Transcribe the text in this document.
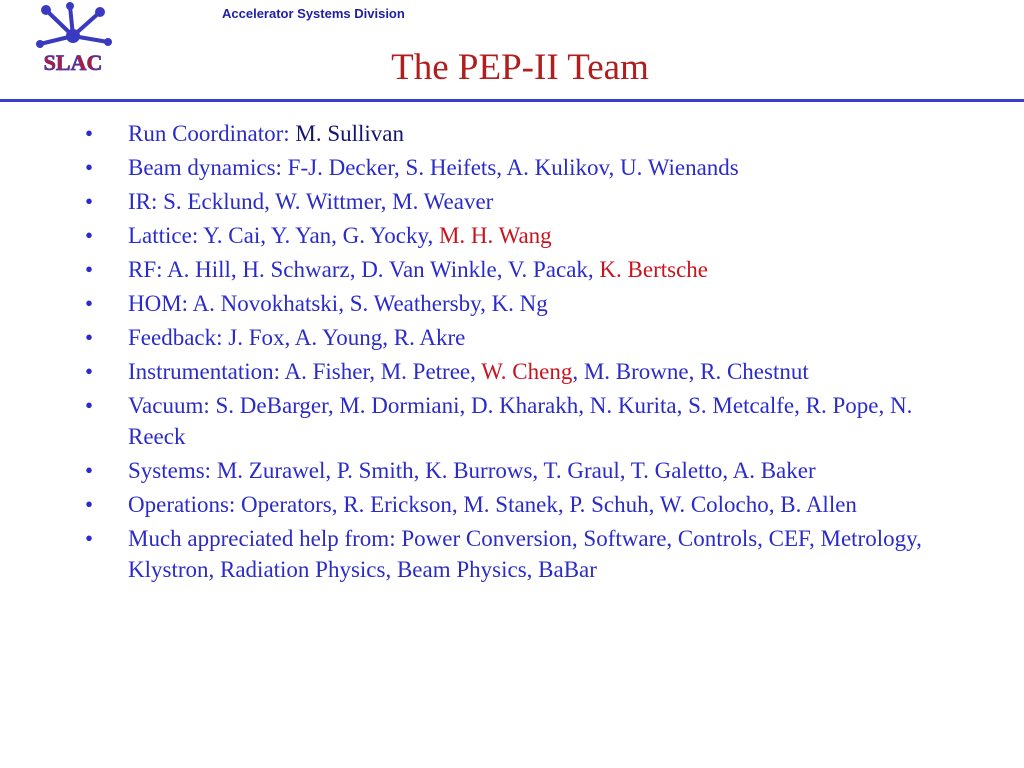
SLAC
Accelerator Systems Division
The PEP-II Team
•	Run Coordinator: M. Sullivan
•	Beam dynamics: F-J. Decker, S. Heifets, A. Kulikov, U. Wienands
•	IR: S. Ecklund, W. Wittmer, M. Weaver
•	Lattice: Y. Cai, Y. Yan, G. Yocky, M. H. Wang
•	RF: A. Hill, H. Schwarz, D. Van Winkle, V. Pacak, K. Bertsche
•	HOM: A. Novokhatski, S. Weathersby, K. Ng
•	Feedback: J. Fox, A. Young, R. Akre
•	Instrumentation: A. Fisher, M. Petree, W. Cheng, M. Browne, R. Chestnut
•	Vacuum: S. DeBarger, M. Dormiani, D. Kharakh, N. Kurita, S. Metcalfe, R. Pope, N. Reeck
•	Systems: M. Zurawel, P. Smith, K. Burrows, T. Graul, T. Galetto, A. Baker
•	Operations: Operators, R. Erickson, M. Stanek, P. Schuh, W. Colocho, B. Allen
•	Much appreciated help from: Power Conversion, Software, Controls, CEF, Metrology, Klystron, Radiation Physics, Beam Physics, BaBar
